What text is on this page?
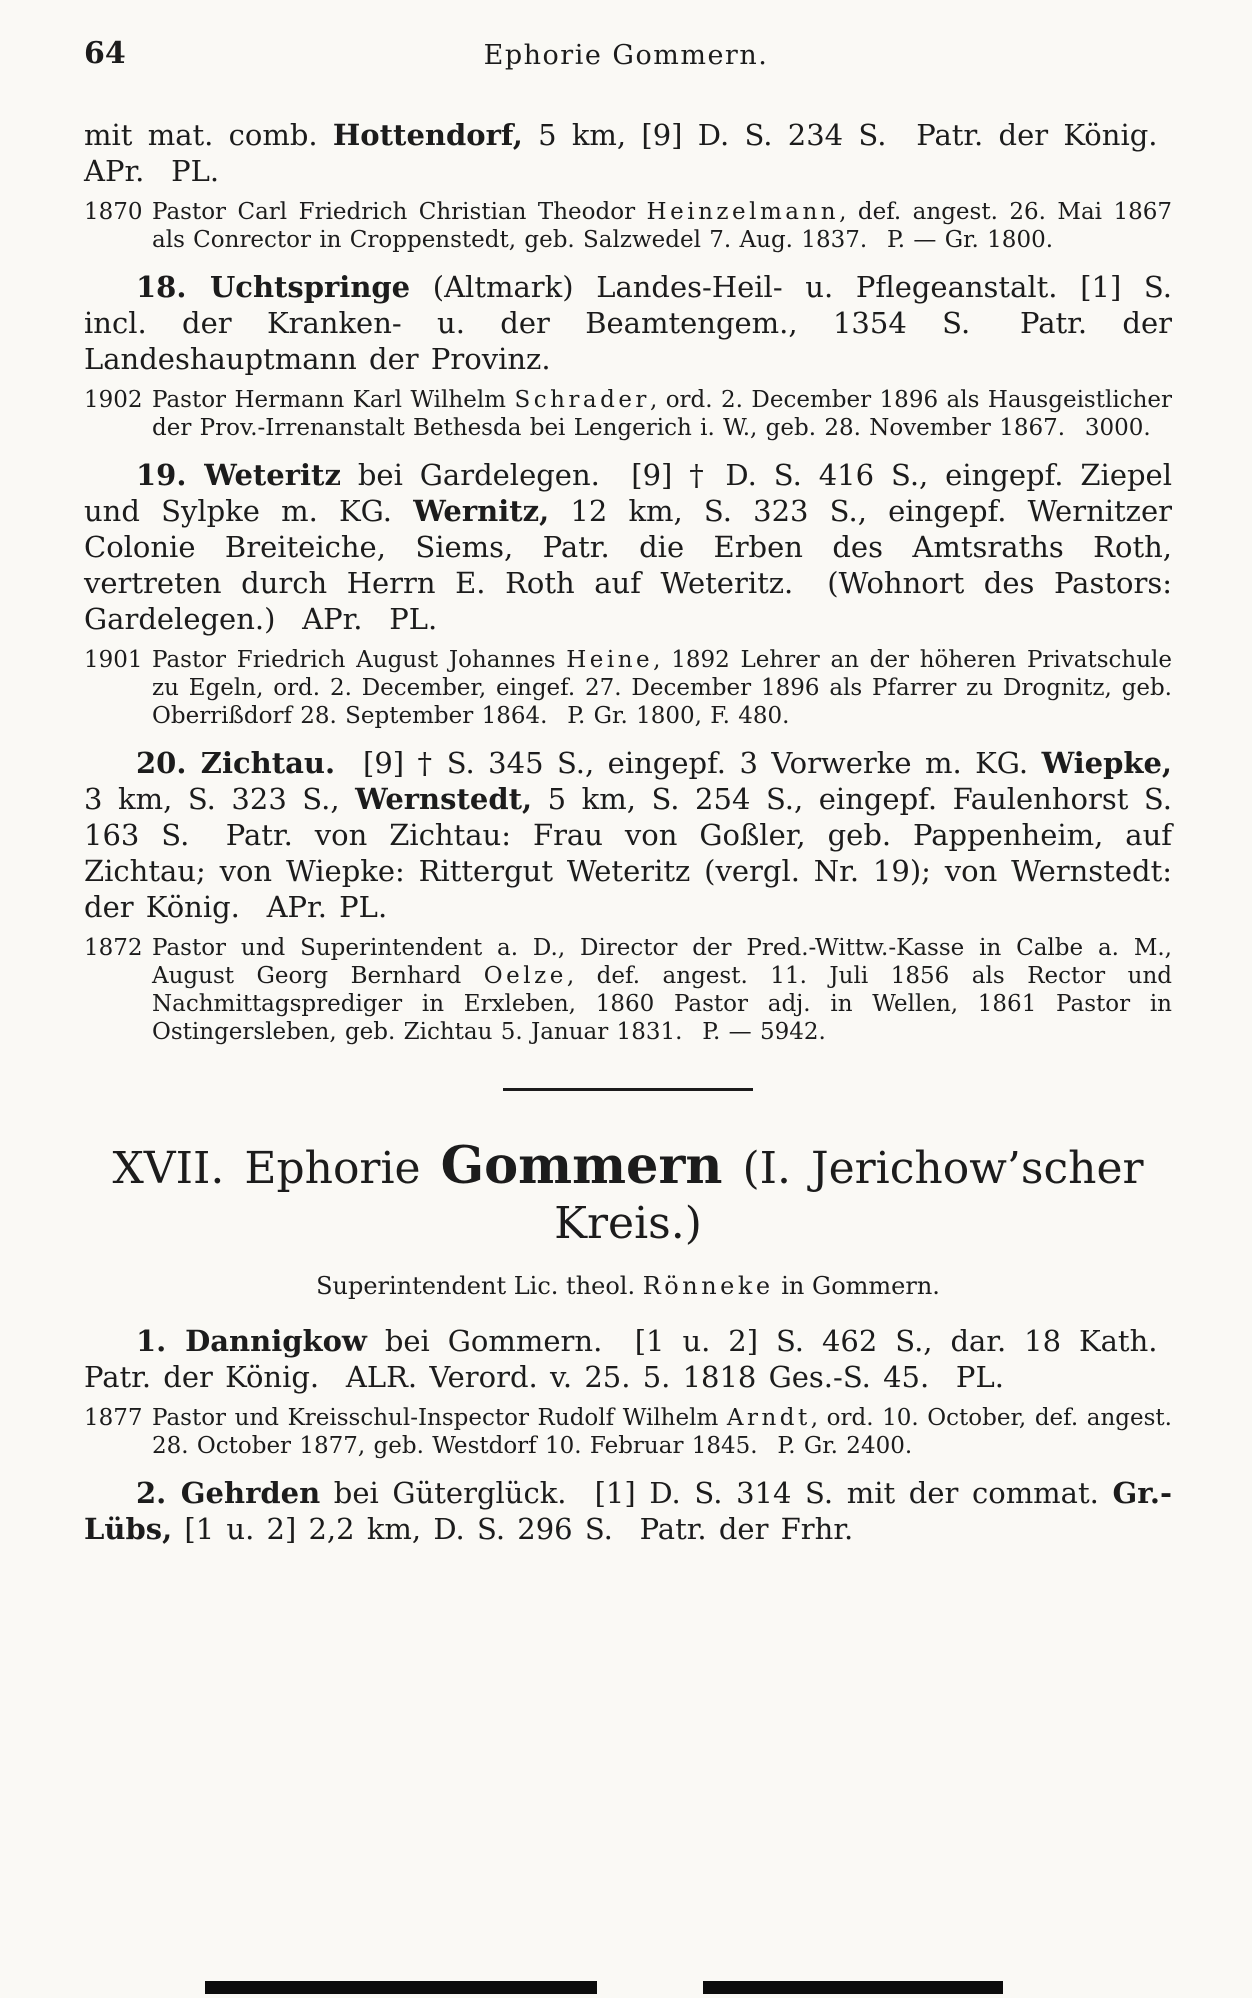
64	Ephorie Gommern.
mit mat. comb. Hottendorf, 5 km, [9] D. S. 234 S.  Patr. der König.  APr.  PL.
1870 Pastor Carl Friedrich Christian Theodor Heinzelmann, def. angest. 26. Mai 1867 als Conrector in Croppenstedt, geb. Salzwedel 7. Aug. 1837.  P. — Gr. 1800.
18. Uchtspringe (Altmark) Landes-Heil- u. Pflegeanstalt. [1] S. incl. der Kranken- u. der Beamtengem., 1354 S.  Patr. der Landeshauptmann der Provinz.
1902 Pastor Hermann Karl Wilhelm Schrader, ord. 2. December 1896 als Hausgeistlicher der Prov.-Irrenanstalt Bethesda bei Lengerich i. W., geb. 28. November 1867.  3000.
19. Weteritz bei Gardelegen.  [9] † D. S. 416 S., eingepf. Ziepel und Sylpke m. KG. Wernitz, 12 km, S. 323 S., eingepf. Wernitzer Colonie Breiteiche, Siems, Patr. die Erben des Amtsraths Roth, vertreten durch Herrn E. Roth auf Weteritz.  (Wohnort des Pastors: Gardelegen.)  APr.  PL.
1901 Pastor Friedrich August Johannes Heine, 1892 Lehrer an der höheren Privatschule zu Egeln, ord. 2. December, eingef. 27. December 1896 als Pfarrer zu Drognitz, geb. Oberrißdorf 28. September 1864.  P. Gr. 1800, F. 480.
20. Zichtau.  [9] † S. 345 S., eingepf. 3 Vorwerke m. KG. Wiepke, 3 km, S. 323 S., Wernstedt, 5 km, S. 254 S., eingepf. Faulenhorst S. 163 S.  Patr. von Zichtau: Frau von Goßler, geb. Pappenheim, auf Zichtau; von Wiepke: Rittergut Weteritz (vergl. Nr. 19); von Wernstedt: der König.  APr. PL.
1872 Pastor und Superintendent a. D., Director der Pred.-Wittw.-Kasse in Calbe a. M., August Georg Bernhard Oelze, def. angest. 11. Juli 1856 als Rector und Nachmittagsprediger in Erxleben, 1860 Pastor adj. in Wellen, 1861 Pastor in Ostingersleben, geb. Zichtau 5. Januar 1831.  P. — 5942.
XVII. Ephorie Gommern (I. Jerichow’scher
Kreis.)
Superintendent Lic. theol. Rönneke in Gommern.
1. Dannigkow bei Gommern.  [1 u. 2] S. 462 S., dar. 18 Kath.  Patr. der König.  ALR. Verord. v. 25. 5. 1818 Ges.-S. 45.  PL.
1877 Pastor und Kreisschul-Inspector Rudolf Wilhelm Arndt, ord. 10. October, def. angest. 28. October 1877, geb. Westdorf 10. Februar 1845.  P. Gr. 2400.
2. Gehrden bei Güterglück.  [1] D. S. 314 S. mit der commat. Gr.-Lübs, [1 u. 2] 2,2 km, D. S. 296 S.  Patr. der Frhr.
